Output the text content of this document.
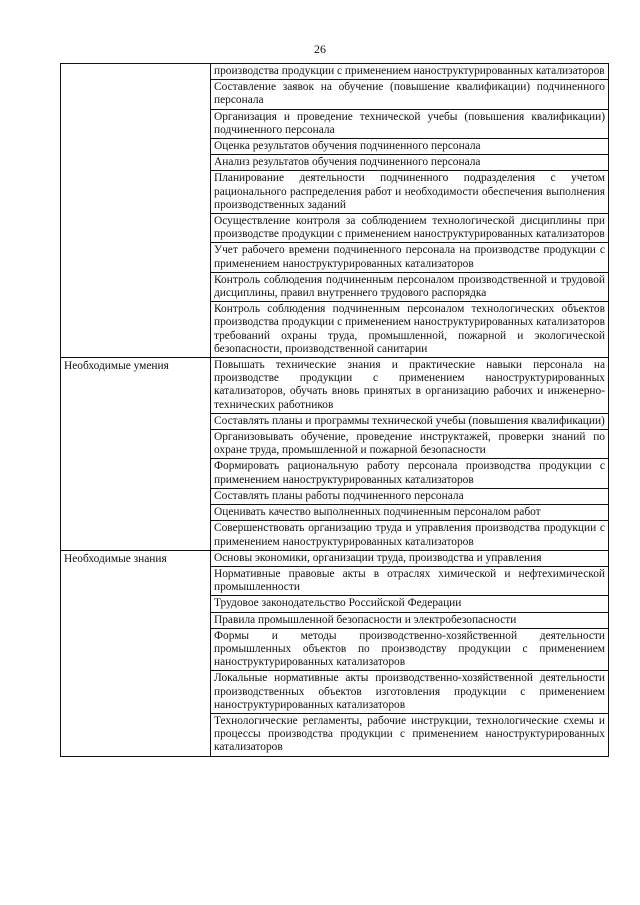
26
	производства продукции с применением наноструктурированных катализаторов
	Составление заявок на обучение (повышение квалификации) подчиненного персонала
	Организация и проведение технической учебы (повышения квалификации) подчиненного персонала
	Оценка результатов обучения подчиненного персонала
	Анализ результатов обучения подчиненного персонала
	Планирование деятельности подчиненного подразделения с учетом рационального распределения работ и необходимости обеспечения выполнения производственных заданий
	Осуществление контроля за соблюдением технологической дисциплины при производстве продукции с применением наноструктурированных катализаторов
	Учет рабочего времени подчиненного персонала на производстве продукции с применением наноструктурированных катализаторов
	Контроль соблюдения подчиненным персоналом производственной и трудовой дисциплины, правил внутреннего трудового распорядка
	Контроль соблюдения подчиненным персоналом технологических объектов производства продукции с применением наноструктурированных катализаторов требований охраны труда, промышленной, пожарной и экологической безопасности, производственной санитарии
Необходимые умения	Повышать технические знания и практические навыки персонала на производстве продукции с применением наноструктурированных катализаторов, обучать вновь принятых в организацию рабочих и инженерно-технических работников
	Составлять планы и программы технической учебы (повышения квалификации)
	Организовывать обучение, проведение инструктажей, проверки знаний по охране труда, промышленной и пожарной безопасности
	Формировать рациональную работу персонала производства продукции с применением наноструктурированных катализаторов
	Составлять планы работы подчиненного персонала
	Оценивать качество выполненных подчиненным персоналом работ
	Совершенствовать организацию труда и управления производства продукции с применением наноструктурированных катализаторов
Необходимые знания	Основы экономики, организации труда, производства и управления
	Нормативные правовые акты в отраслях химической и нефтехимической промышленности
	Трудовое законодательство Российской Федерации
	Правила промышленной безопасности и электробезопасности
	Формы и методы производственно-хозяйственной деятельности промышленных объектов по производству продукции с применением наноструктурированных катализаторов
	Локальные нормативные акты производственно-хозяйственной деятельности производственных объектов изготовления продукции с применением наноструктурированных катализаторов
	Технологические регламенты, рабочие инструкции, технологические схемы и процессы производства продукции с применением наноструктурированных катализаторов
